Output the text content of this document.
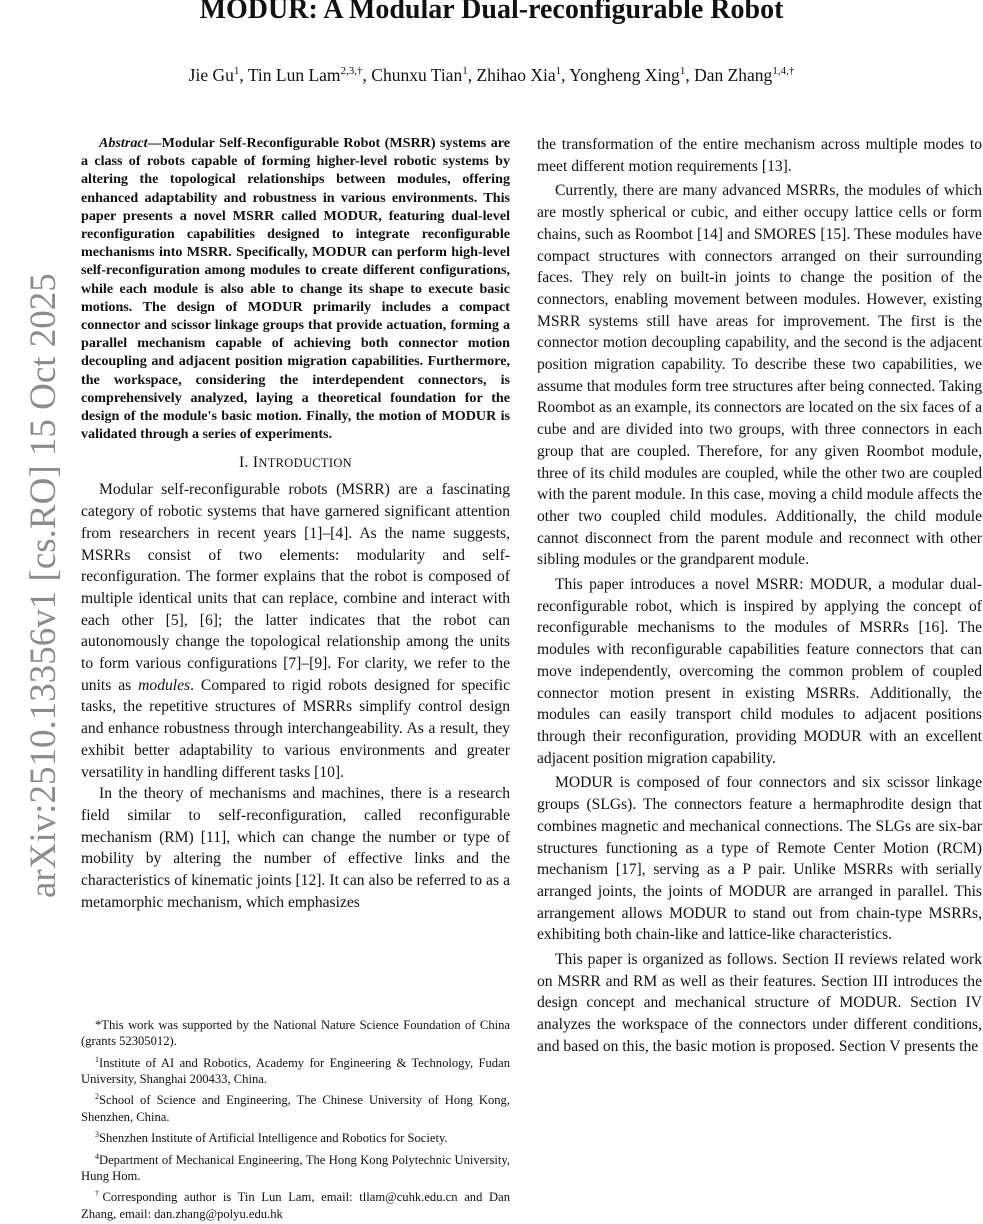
MODUR: A Modular Dual-reconfigurable Robot
Jie Gu$^1$, Tin Lun Lam$^{2,3,\dagger}$, Chunxu Tian$^1$, Zhihao Xia$^1$, Yongheng Xing$^1$, Dan Zhang$^{1,4,\dagger}$
arXiv:2510.13356v1 [cs.RO] 15 Oct 2025

Abstract—Modular Self-Reconfigurable Robot (MSRR) systems are a class of robots capable of forming higher-level robotic systems by altering the topological relationships between modules, offering enhanced adaptability and robustness in various environments. This paper presents a novel MSRR called MODUR, featuring dual-level reconfiguration capabilities designed to integrate reconfigurable mechanisms into MSRR. Specifically, MODUR can perform high-level self-reconfiguration among modules to create different configurations, while each module is also able to change its shape to execute basic motions. The design of MODUR primarily includes a compact connector and scissor linkage groups that provide actuation, forming a parallel mechanism capable of achieving both connector motion decoupling and adjacent position migration capabilities. Furthermore, the workspace, considering the interdependent connectors, is comprehensively analyzed, laying a theoretical foundation for the design of the module's basic motion. Finally, the motion of MODUR is validated through a series of experiments.

I. INTRODUCTION

Modular self-reconfigurable robots (MSRR) are a fascinating category of robotic systems that have garnered significant attention from researchers in recent years [1]–[4]. As the name suggests, MSRRs consist of two elements: modularity and self-reconfiguration. The former explains that the robot is composed of multiple identical units that can replace, combine and interact with each other [5], [6]; the latter indicates that the robot can autonomously change the topological relationship among the units to form various configurations [7]–[9]. For clarity, we refer to the units as modules. Compared to rigid robots designed for specific tasks, the repetitive structures of MSRRs simplify control design and enhance robustness through interchangeability. As a result, they exhibit better adaptability to various environments and greater versatility in handling different tasks [10].

In the theory of mechanisms and machines, there is a research field similar to self-reconfiguration, called reconfigurable mechanism (RM) [11], which can change the number or type of mobility by altering the number of effective links and the characteristics of kinematic joints [12]. It can also be referred to as a metamorphic mechanism, which emphasizes

*This work was supported by the National Nature Science Foundation of China (grants 52305012).

$^1$Institute of AI and Robotics, Academy for Engineering & Technology, Fudan University, Shanghai 200433, China.

$^2$School of Science and Engineering, The Chinese University of Hong Kong, Shenzhen, China.

$^3$Shenzhen Institute of Artificial Intelligence and Robotics for Society.

$^4$Department of Mechanical Engineering, The Hong Kong Polytechnic University, Hung Hom.

†Corresponding author is Tin Lun Lam, email: tllam@cuhk.edu.cn and Dan Zhang, email: dan.zhang@polyu.edu.hk

the transformation of the entire mechanism across multiple modes to meet different motion requirements [13].

Currently, there are many advanced MSRRs, the modules of which are mostly spherical or cubic, and either occupy lattice cells or form chains, such as Roombot [14] and SMORES [15]. These modules have compact structures with connectors arranged on their surrounding faces. They rely on built-in joints to change the position of the connectors, enabling movement between modules. However, existing MSRR systems still have areas for improvement. The first is the connector motion decoupling capability, and the second is the adjacent position migration capability. To describe these two capabilities, we assume that modules form tree structures after being connected. Taking Roombot as an example, its connectors are located on the six faces of a cube and are divided into two groups, with three connectors in each group that are coupled. Therefore, for any given Roombot module, three of its child modules are coupled, while the other two are coupled with the parent module. In this case, moving a child module affects the other two coupled child modules. Additionally, the child module cannot disconnect from the parent module and reconnect with other sibling modules or the grandparent module.

This paper introduces a novel MSRR: MODUR, a modular dual-reconfigurable robot, which is inspired by applying the concept of reconfigurable mechanisms to the modules of MSRRs [16]. The modules with reconfigurable capabilities feature connectors that can move independently, overcoming the common problem of coupled connector motion present in existing MSRRs. Additionally, the modules can easily transport child modules to adjacent positions through their reconfiguration, providing MODUR with an excellent adjacent position migration capability.

MODUR is composed of four connectors and six scissor linkage groups (SLGs). The connectors feature a hermaphrodite design that combines magnetic and mechanical connections. The SLGs are six-bar structures functioning as a type of Remote Center Motion (RCM) mechanism [17], serving as a P pair. Unlike MSRRs with serially arranged joints, the joints of MODUR are arranged in parallel. This arrangement allows MODUR to stand out from chain-type MSRRs, exhibiting both chain-like and lattice-like characteristics.

This paper is organized as follows. Section II reviews related work on MSRR and RM as well as their features. Section III introduces the design concept and mechanical structure of MODUR. Section IV analyzes the workspace of the connectors under different conditions, and based on this, the basic motion is proposed. Section V presents the
